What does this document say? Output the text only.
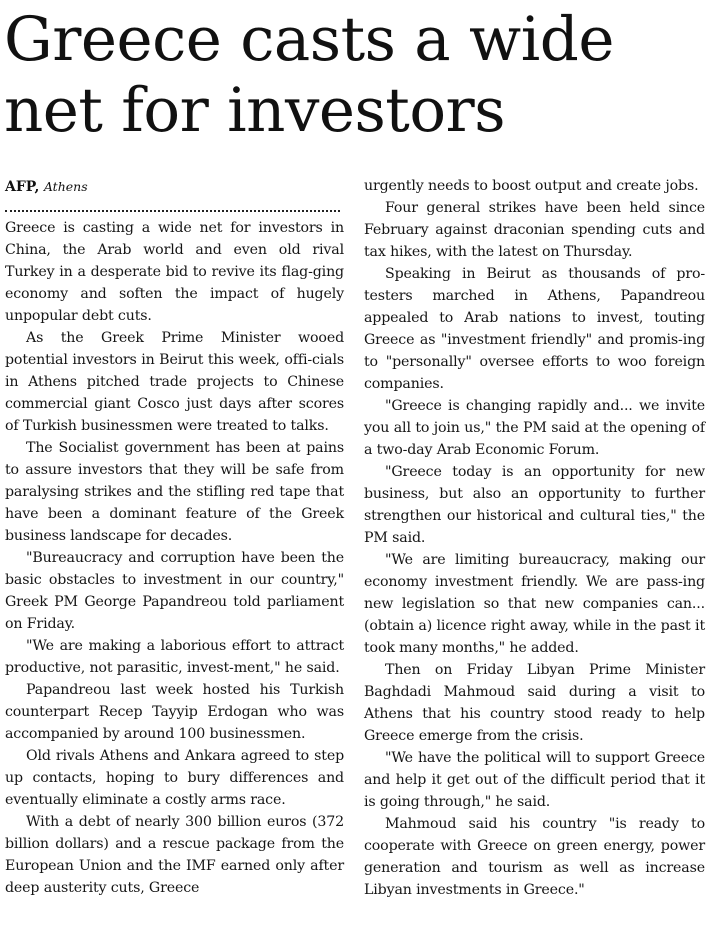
Greece casts a wide net for investors
AFP, Athens

Greece is casting a wide net for investors in China, the Arab world and even old rival Turkey in a desperate bid to revive its flag-ging economy and soften the impact of hugely unpopular debt cuts.

As the Greek Prime Minister wooed potential investors in Beirut this week, offi-cials in Athens pitched trade projects to Chinese commercial giant Cosco just days after scores of Turkish businessmen were treated to talks.

The Socialist government has been at pains to assure investors that they will be safe from paralysing strikes and the stifling red tape that have been a dominant feature of the Greek business landscape for decades.

"Bureaucracy and corruption have been the basic obstacles to investment in our country," Greek PM George Papandreou told parliament on Friday.

"We are making a laborious effort to attract productive, not parasitic, invest-ment," he said.

Papandreou last week hosted his Turkish counterpart Recep Tayyip Erdogan who was accompanied by around 100 businessmen.

Old rivals Athens and Ankara agreed to step up contacts, hoping to bury differences and eventually eliminate a costly arms race.

With a debt of nearly 300 billion euros (372 billion dollars) and a rescue package from the European Union and the IMF earned only after deep austerity cuts, Greece

urgently needs to boost output and create jobs.

Four general strikes have been held since February against draconian spending cuts and tax hikes, with the latest on Thursday.

Speaking in Beirut as thousands of pro-testers marched in Athens, Papandreou appealed to Arab nations to invest, touting Greece as "investment friendly" and promis-ing to "personally" oversee efforts to woo foreign companies.

"Greece is changing rapidly and... we invite you all to join us," the PM said at the opening of a two-day Arab Economic Forum.

"Greece today is an opportunity for new business, but also an opportunity to further strengthen our historical and cultural ties," the PM said.

"We are limiting bureaucracy, making our economy investment friendly. We are pass-ing new legislation so that new companies can... (obtain a) licence right away, while in the past it took many months," he added.

Then on Friday Libyan Prime Minister Baghdadi Mahmoud said during a visit to Athens that his country stood ready to help Greece emerge from the crisis.

"We have the political will to support Greece and help it get out of the difficult period that it is going through," he said.

Mahmoud said his country "is ready to cooperate with Greece on green energy, power generation and tourism as well as increase Libyan investments in Greece."
